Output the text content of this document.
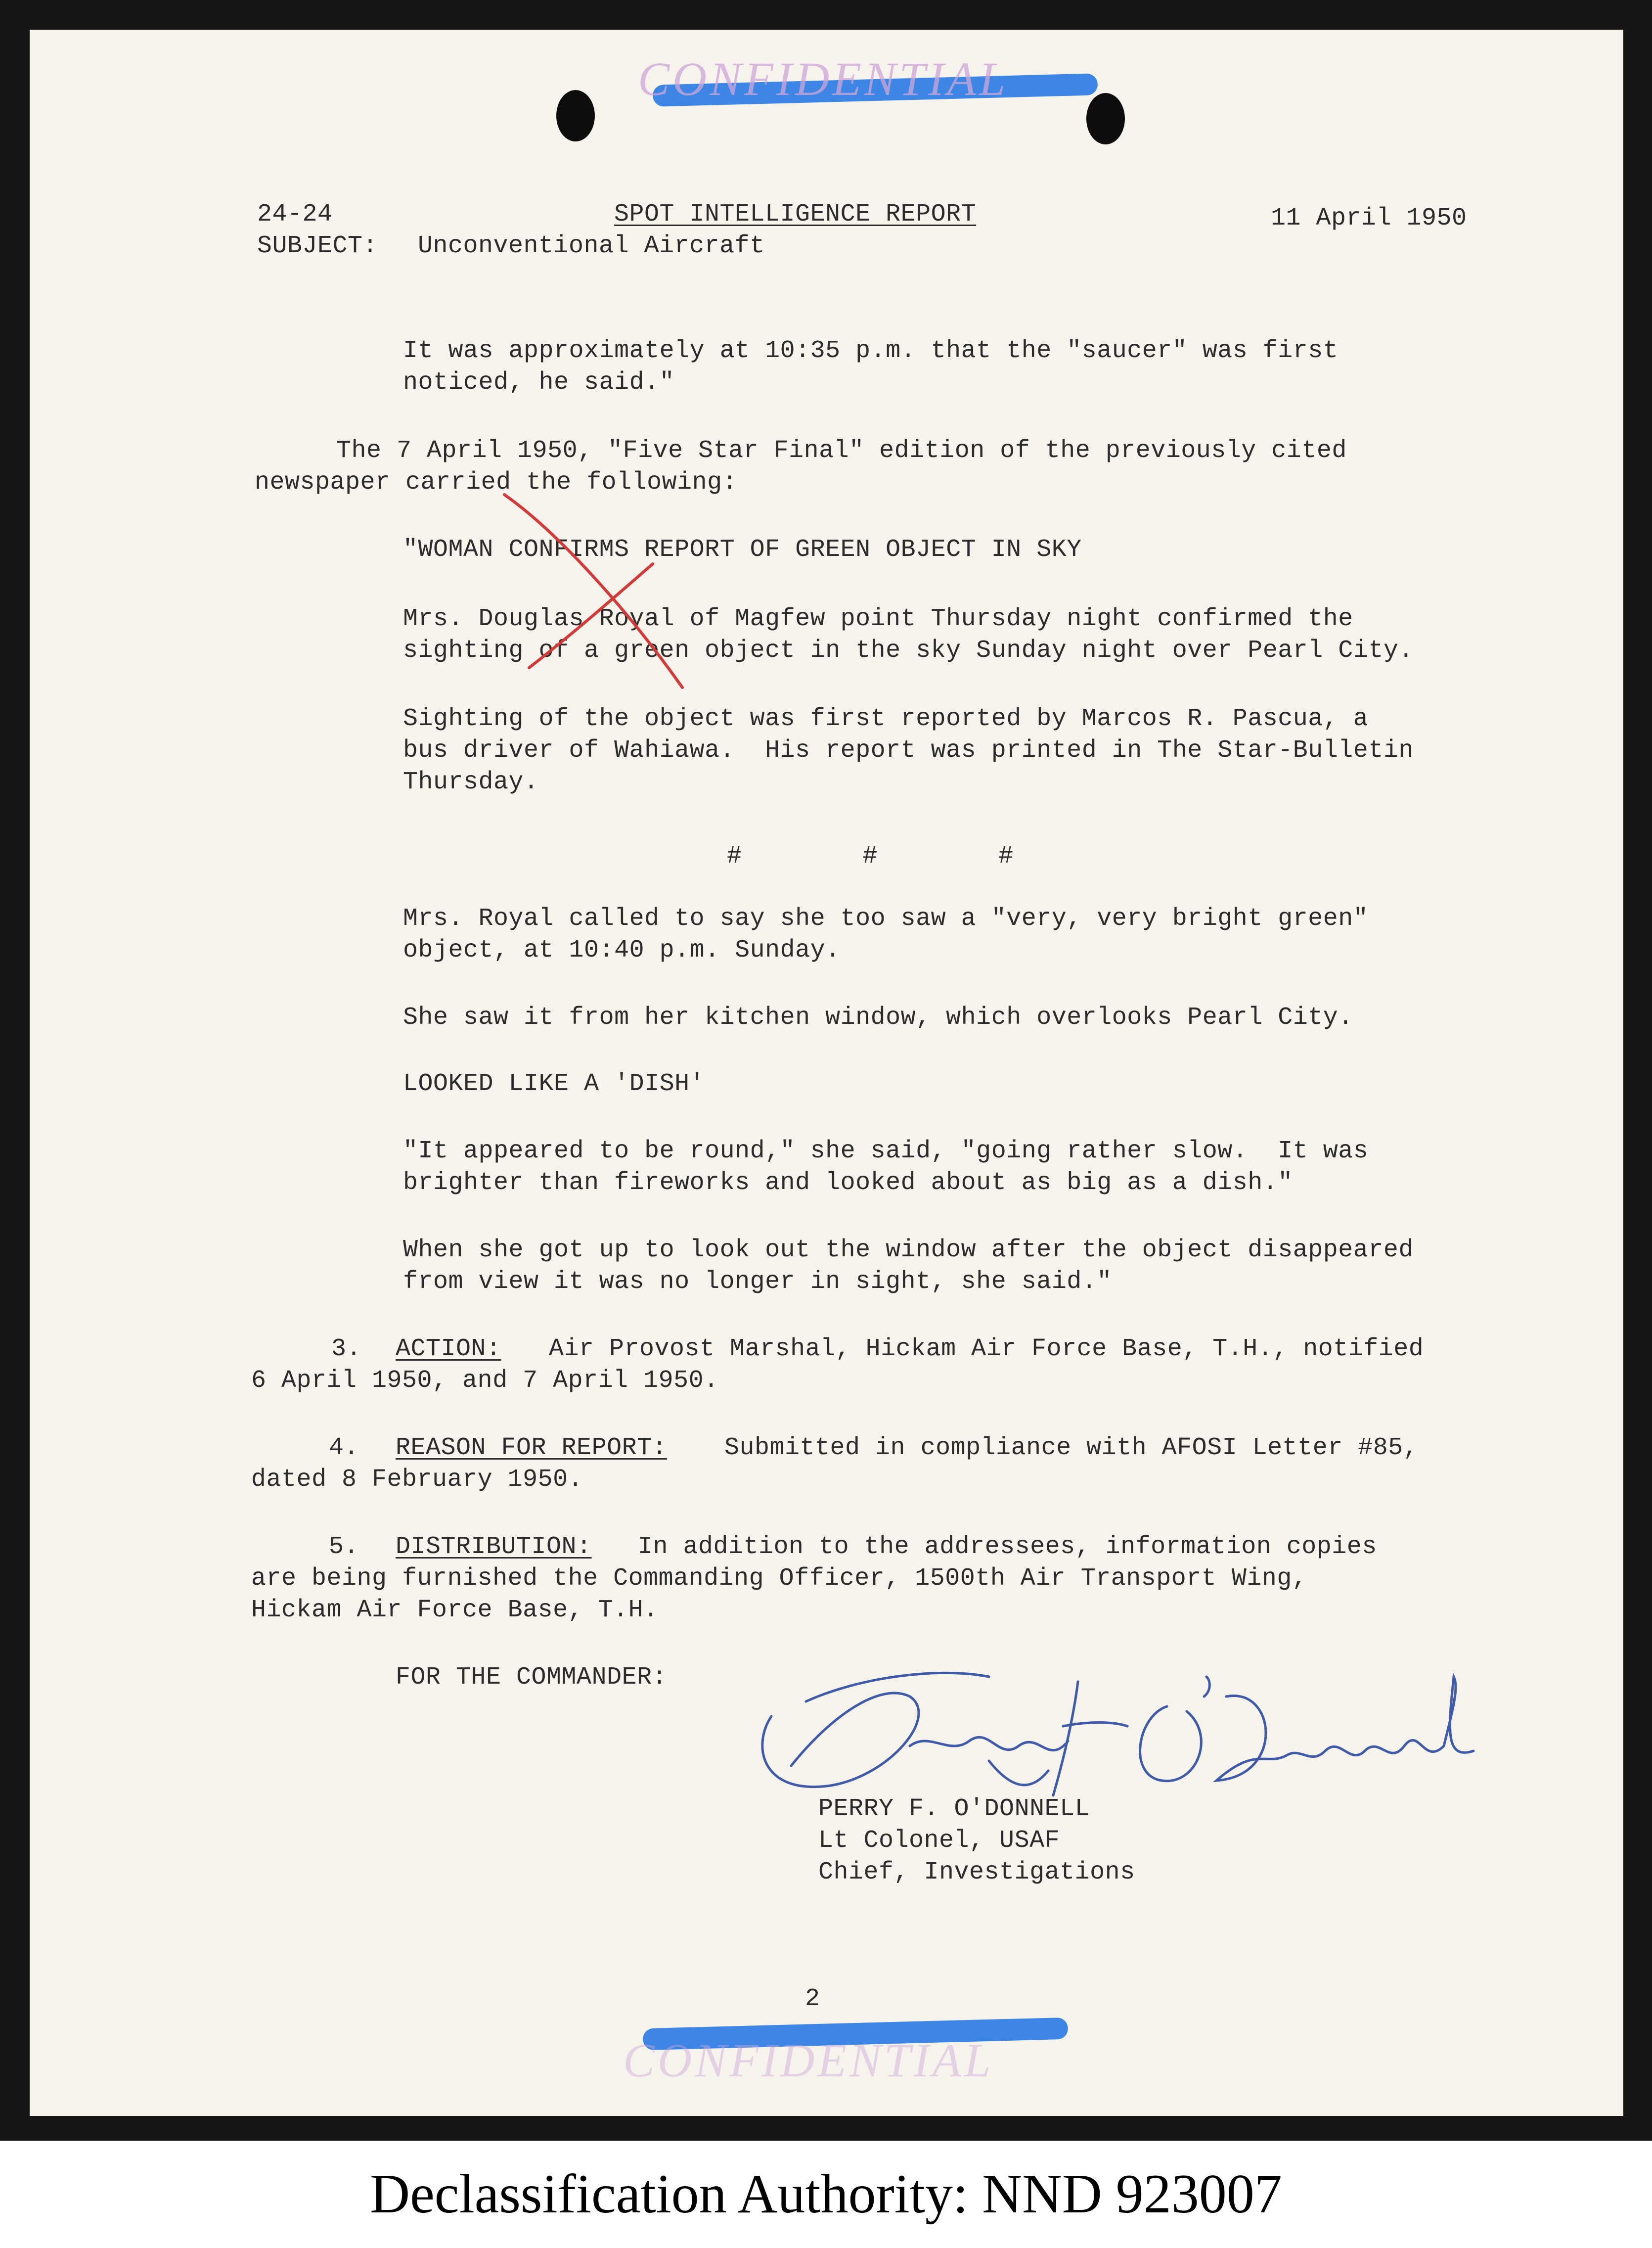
CONFIDENTIAL
24-24	SPOT INTELLIGENCE REPORT	11 April 1950
SUBJECT: Unconventional Aircraft
It was approximately at 10:35 p.m. that the "saucer" was first
noticed, he said."
The 7 April 1950, "Five Star Final" edition of the previously cited
newspaper carried the following:
"WOMAN CONFIRMS REPORT OF GREEN OBJECT IN SKY
Mrs. Douglas Royal of Magfew point Thursday night confirmed the
sighting of a green object in the sky Sunday night over Pearl City.
Sighting of the object was first reported by Marcos R. Pascua, a
bus driver of Wahiawa.  His report was printed in The Star-Bulletin
Thursday.
#        #        #
Mrs. Royal called to say she too saw a "very, very bright green"
object, at 10:40 p.m. Sunday.
She saw it from her kitchen window, which overlooks Pearl City.
LOOKED LIKE A 'DISH'
"It appeared to be round," she said, "going rather slow.  It was
brighter than fireworks and looked about as big as a dish."
When she got up to look out the window after the object disappeared
from view it was no longer in sight, she said."
3. ACTION: Air Provost Marshal, Hickam Air Force Base, T.H., notified
6 April 1950, and 7 April 1950.
4. REASON FOR REPORT: Submitted in compliance with AFOSI Letter #85,
dated 8 February 1950.
5. DISTRIBUTION: In addition to the addressees, information copies
are being furnished the Commanding Officer, 1500th Air Transport Wing,
Hickam Air Force Base, T.H.
FOR THE COMMANDER:
PERRY F. O'DONNELL
Lt Colonel, USAF
Chief, Investigations
2
CONFIDENTIAL
Declassification Authority: NND 923007
